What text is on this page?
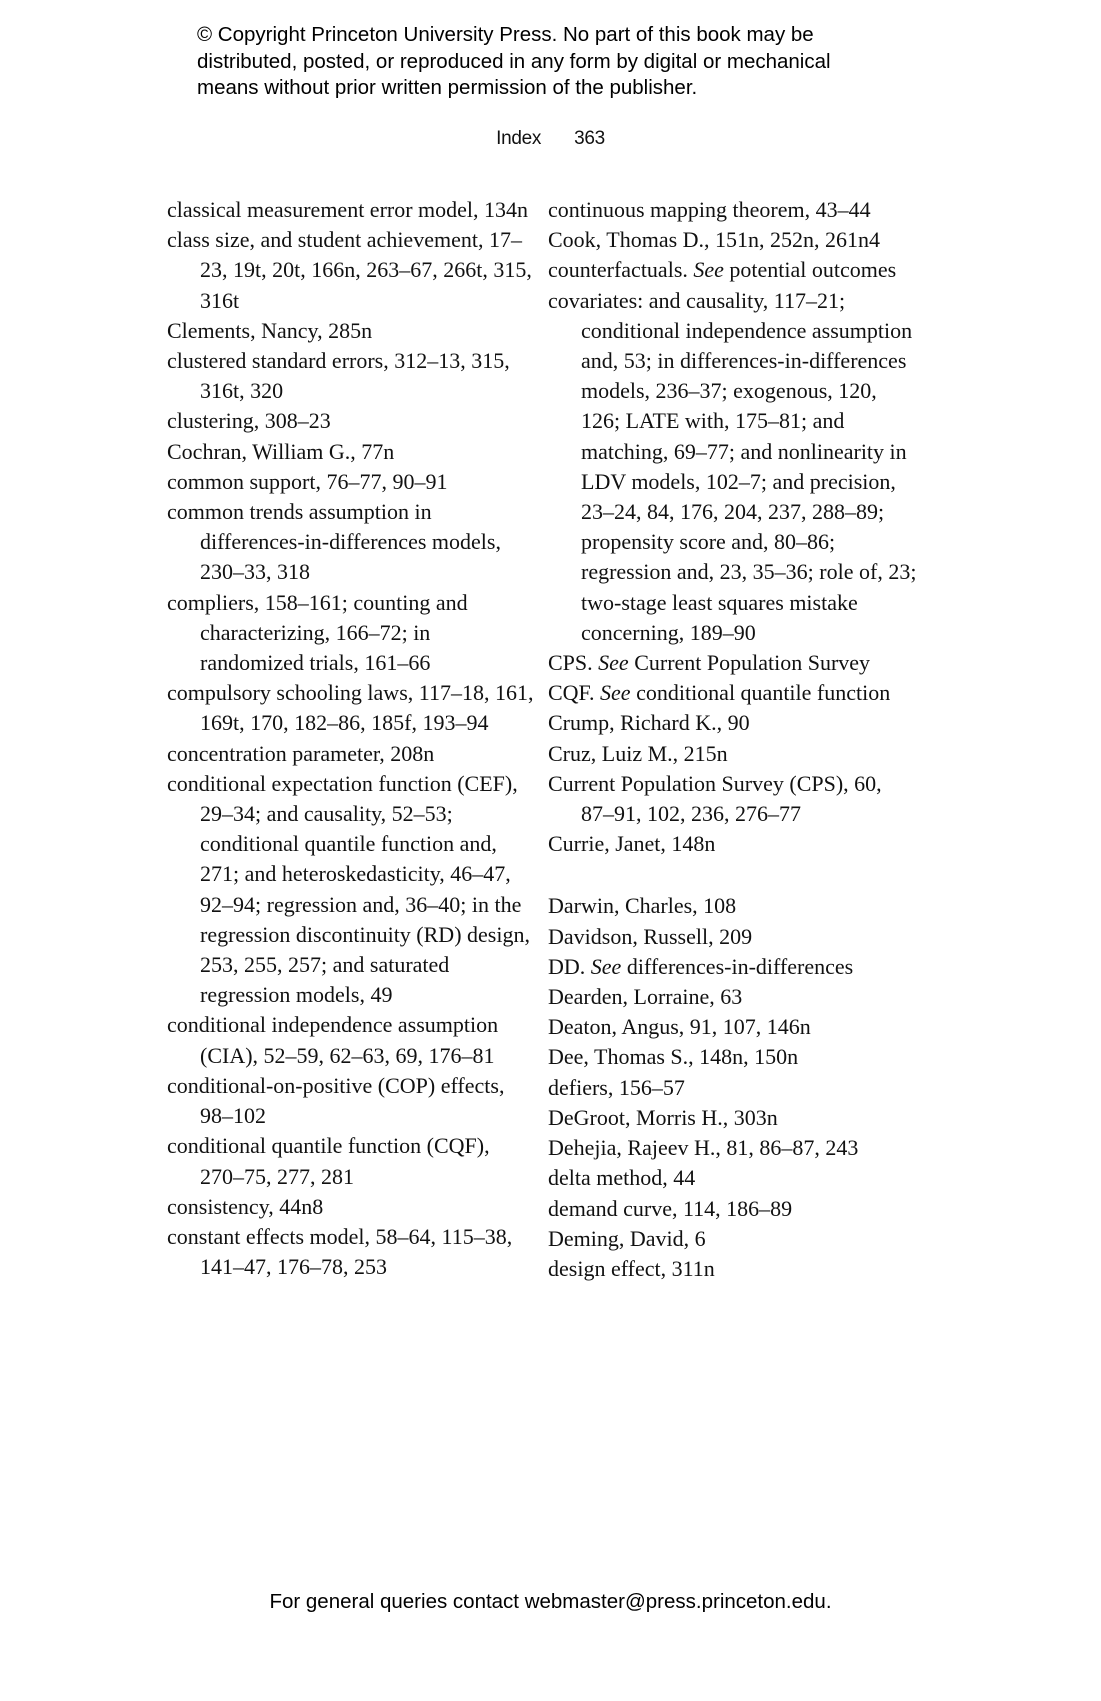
© Copyright Princeton University Press. No part of this book may be
distributed, posted, or reproduced in any form by digital or mechanical
means without prior written permission of the publisher.
Index 363
classical measurement error model, 134n
class size, and student achievement, 17–23, 19t, 20t, 166n, 263–67, 266t, 315, 316t
Clements, Nancy, 285n
clustered standard errors, 312–13, 315, 316t, 320
clustering, 308–23
Cochran, William G., 77n
common support, 76–77, 90–91
common trends assumption in differences-in-differences models, 230–33, 318
compliers, 158–161; counting and characterizing, 166–72; in randomized trials, 161–66
compulsory schooling laws, 117–18, 161, 169t, 170, 182–86, 185f, 193–94
concentration parameter, 208n
conditional expectation function (CEF), 29–34; and causality, 52–53; conditional quantile function and, 271; and heteroskedasticity, 46–47, 92–94; regression and, 36–40; in the regression discontinuity (RD) design, 253, 255, 257; and saturated regression models, 49
conditional independence assumption (CIA), 52–59, 62–63, 69, 176–81
conditional-on-positive (COP) effects, 98–102
conditional quantile function (CQF), 270–75, 277, 281
consistency, 44n8
constant effects model, 58–64, 115–38, 141–47, 176–78, 253
continuous mapping theorem, 43–44
Cook, Thomas D., 151n, 252n, 261n4
counterfactuals. See potential outcomes
covariates: and causality, 117–21; conditional independence assumption and, 53; in differences-in-differences models, 236–37; exogenous, 120, 126; LATE with, 175–81; and matching, 69–77; and nonlinearity in LDV models, 102–7; and precision, 23–24, 84, 176, 204, 237, 288–89; propensity score and, 80–86; regression and, 23, 35–36; role of, 23; two-stage least squares mistake concerning, 189–90
CPS. See Current Population Survey
CQF. See conditional quantile function
Crump, Richard K., 90
Cruz, Luiz M., 215n
Current Population Survey (CPS), 60, 87–91, 102, 236, 276–77
Currie, Janet, 148n
Darwin, Charles, 108
Davidson, Russell, 209
DD. See differences-in-differences
Dearden, Lorraine, 63
Deaton, Angus, 91, 107, 146n
Dee, Thomas S., 148n, 150n
defiers, 156–57
DeGroot, Morris H., 303n
Dehejia, Rajeev H., 81, 86–87, 243
delta method, 44
demand curve, 114, 186–89
Deming, David, 6
design effect, 311n
For general queries contact webmaster@press.princeton.edu.
